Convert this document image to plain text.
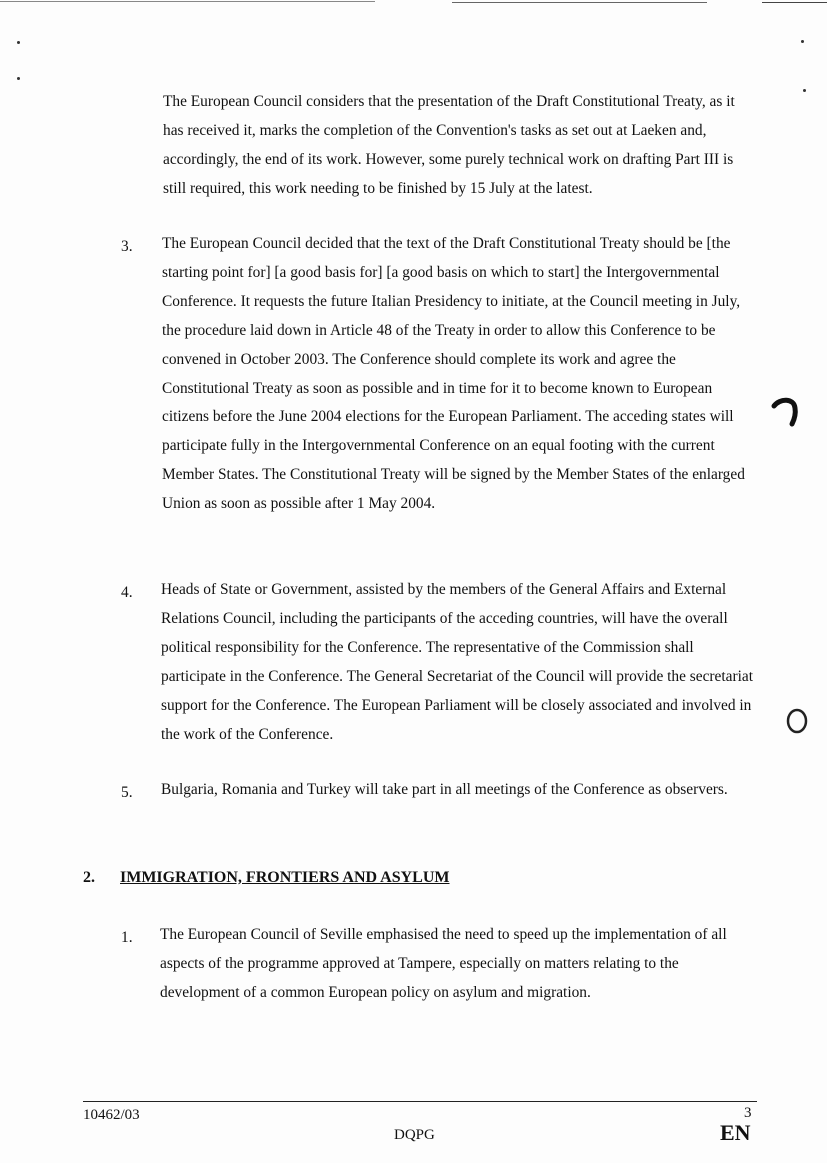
The European Council considers that the presentation of the Draft Constitutional Treaty, as it has received it, marks the completion of the Convention's tasks as set out at Laeken and, accordingly, the end of its work. However, some purely technical work on drafting Part III is still required, this work needing to be finished by 15 July at the latest.
3. The European Council decided that the text of the Draft Constitutional Treaty should be [the starting point for] [a good basis for] [a good basis on which to start] the Intergovernmental Conference. It requests the future Italian Presidency to initiate, at the Council meeting in July, the procedure laid down in Article 48 of the Treaty in order to allow this Conference to be convened in October 2003. The Conference should complete its work and agree the Constitutional Treaty as soon as possible and in time for it to become known to European citizens before the June 2004 elections for the European Parliament. The acceding states will participate fully in the Intergovernmental Conference on an equal footing with the current Member States. The Constitutional Treaty will be signed by the Member States of the enlarged Union as soon as possible after 1 May 2004.
4. Heads of State or Government, assisted by the members of the General Affairs and External Relations Council, including the participants of the acceding countries, will have the overall political responsibility for the Conference. The representative of the Commission shall participate in the Conference. The General Secretariat of the Council will provide the secretariat support for the Conference. The European Parliament will be closely associated and involved in the work of the Conference.
5. Bulgaria, Romania and Turkey will take part in all meetings of the Conference as observers.
2. IMMIGRATION, FRONTIERS AND ASYLUM
1. The European Council of Seville emphasised the need to speed up the implementation of all aspects of the programme approved at Tampere, especially on matters relating to the development of a common European policy on asylum and migration.
10462/03
DQPG
3
EN
